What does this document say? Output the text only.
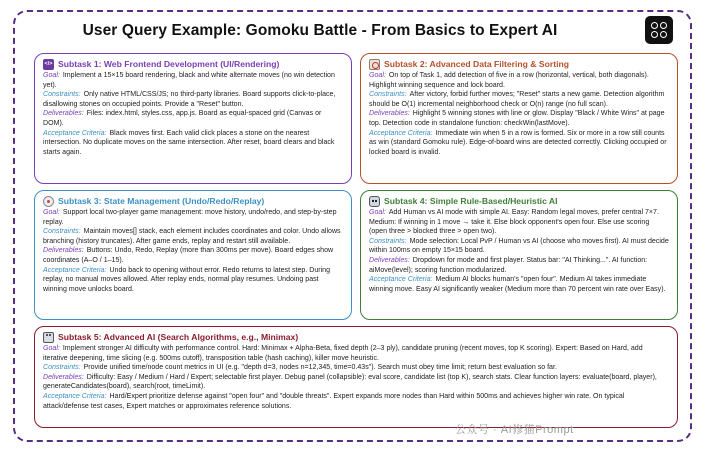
User Query Example: Gomoku Battle - From Basics to Expert AI
</>
Subtask 1: Web Frontend Development (UI/Rendering)
Goal: Implement a 15×15 board rendering, black and white alternate moves (no win detection yet).
Constraints: Only native HTML/CSS/JS; no third-party libraries. Board supports click-to-place, disallowing stones on occupied points. Provide a "Reset" button.
Deliverables: Files: index.html, styles.css, app.js. Board as equal-spaced grid (Canvas or DOM).
Acceptance Criteria: Black moves first. Each valid click places a stone on the nearest intersection. No duplicate moves on the same intersection. After reset, board clears and black starts again.
Subtask 2: Advanced Data Filtering & Sorting
Goal: On top of Task 1, add detection of five in a row (horizontal, vertical, both diagonals). Highlight winning sequence and lock board.
Constraints: After victory, forbid further moves; "Reset" starts a new game. Detection algorithm should be O(1) incremental neighborhood check or O(n) range (no full scan).
Deliverables: Highlight 5 winning stones with line or glow. Display "Black / White Wins" at page top. Detection code in standalone function: checkWin(lastMove).
Acceptance Criteria: Immediate win when 5 in a row is formed. Six or more in a row still counts as win (standard Gomoku rule). Edge-of-board wins are detected correctly. Clicking occupied or locked board is invalid.
Subtask 3: State Management (Undo/Redo/Replay)
Goal: Support local two-player game management: move history, undo/redo, and step-by-step replay.
Constraints: Maintain moves[] stack, each element includes coordinates and color. Undo allows branching (history truncates). After game ends, replay and restart still available.
Deliverables: Buttons: Undo, Redo, Replay (more than 300ms per move). Board edges show coordinates (A–O / 1–15).
Acceptance Criteria: Undo back to opening without error. Redo returns to latest step. During replay, no manual moves allowed. After replay ends, normal play resumes. Undoing past winning move unlocks board.
Subtask 4: Simple Rule-Based/Heuristic AI
Goal: Add Human vs AI mode with simple AI. Easy: Random legal moves, prefer central 7×7. Medium: If winning in 1 move → take it. Else block opponent's open four. Else use scoring (open three > blocked three > open two).
Constraints: Mode selection: Local PvP / Human vs AI (choose who moves first). AI must decide within 100ms on empty 15×15 board.
Deliverables: Dropdown for mode and first player. Status bar: "AI Thinking...". AI function: aiMove(level); scoring function modularized.
Acceptance Criteria: Medium AI blocks human's "open four". Medium AI takes immediate winning move. Easy AI significantly weaker (Medium more than 70 percent win rate over Easy).
Subtask 5: Advanced AI (Search Algorithms, e.g., Minimax)
Goal: Implement stronger AI difficulty with performance control. Hard: Minimax + Alpha-Beta, fixed depth (2–3 ply), candidate pruning (recent moves, top K scoring). Expert: Based on Hard, add iterative deepening, time slicing (e.g. 500ms cutoff), transposition table (hash caching), killer move heuristic.
Constraints: Provide unified time/node count metrics in UI (e.g. "depth d=3, nodes n=12,345, time=0.43s"). Search must obey time limit; return best evaluation so far.
Deliverables: Difficulty: Easy / Medium / Hard / Expert; selectable first player. Debug panel (collapsible): eval score, candidate list (top K), search stats. Clear function layers: evaluate(board, player), generateCandidates(board), search(root, timeLimit).
Acceptance Criteria: Hard/Expert prioritize defense against "open four" and "double threats". Expert expands more nodes than Hard within 500ms and achieves higher win rate. On typical attack/defense test cases, Expert matches or approximates reference solutions.
公众号 · AI修猫Prompt
